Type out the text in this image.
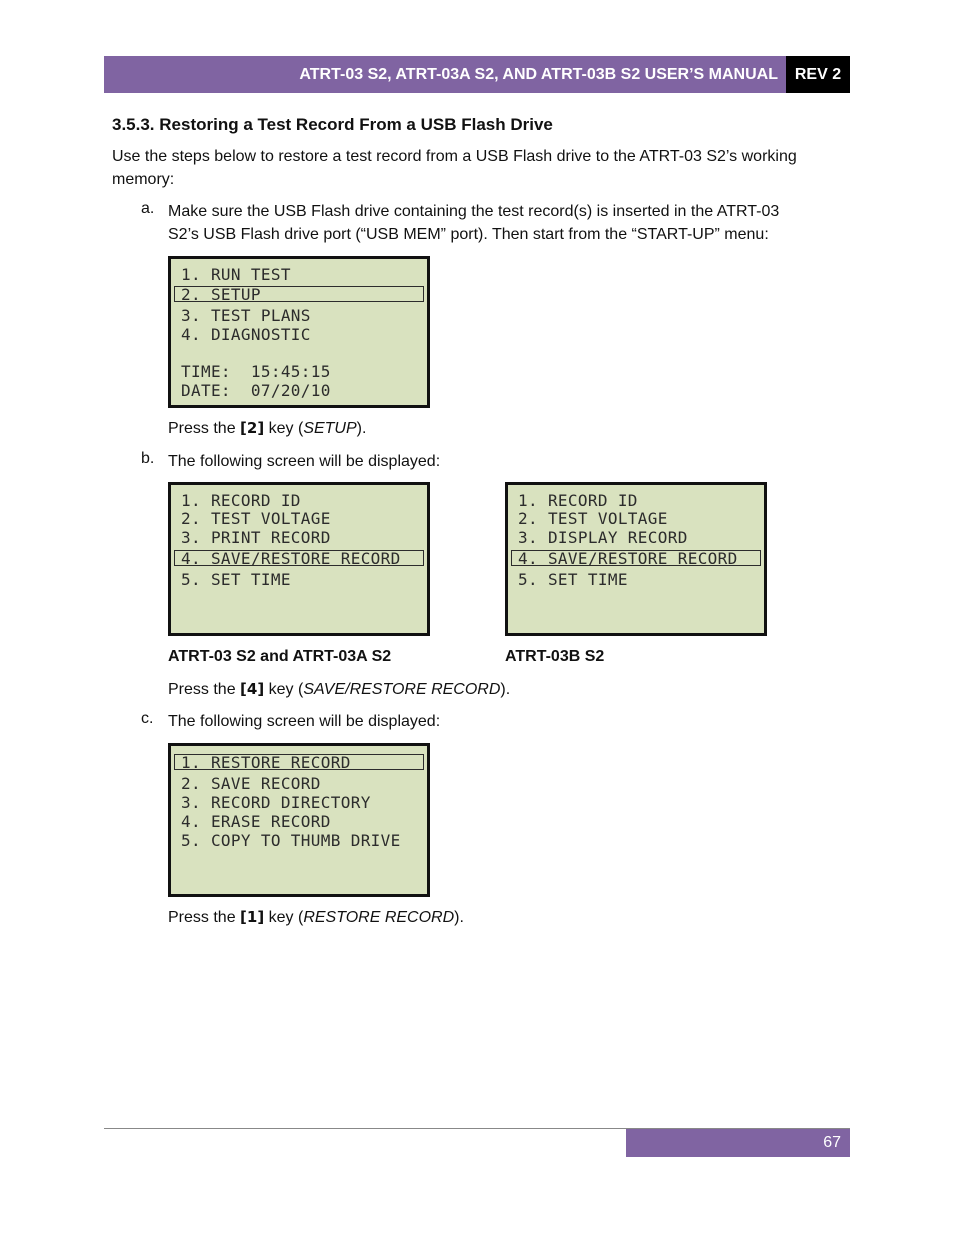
ATRT-03 S2, ATRT-03A S2, AND ATRT-03B S2 USER’S MANUAL	REV 2
3.5.3. Restoring a Test Record From a USB Flash Drive
Use the steps below to restore a test record from a USB Flash drive to the ATRT-03 S2’s working
memory:
a. Make sure the USB Flash drive containing the test record(s) is inserted in the ATRT-03
S2’s USB Flash drive port (“USB MEM” port). Then start from the “START-UP” menu:
1. RUN TEST
2. SETUP
3. TEST PLANS
4. DIAGNOSTIC
TIME:  15:45:15
DATE:  07/20/10
Press the [2] key (SETUP).
b. The following screen will be displayed:
1. RECORD ID
2. TEST VOLTAGE
3. PRINT RECORD
4. SAVE/RESTORE RECORD
5. SET TIME
1. RECORD ID
2. TEST VOLTAGE
3. DISPLAY RECORD
4. SAVE/RESTORE RECORD
5. SET TIME
ATRT-03 S2 and ATRT-03A S2	ATRT-03B S2
Press the [4] key (SAVE/RESTORE RECORD).
c. The following screen will be displayed:
1. RESTORE RECORD
2. SAVE RECORD
3. RECORD DIRECTORY
4. ERASE RECORD
5. COPY TO THUMB DRIVE
Press the [1] key (RESTORE RECORD).
67
